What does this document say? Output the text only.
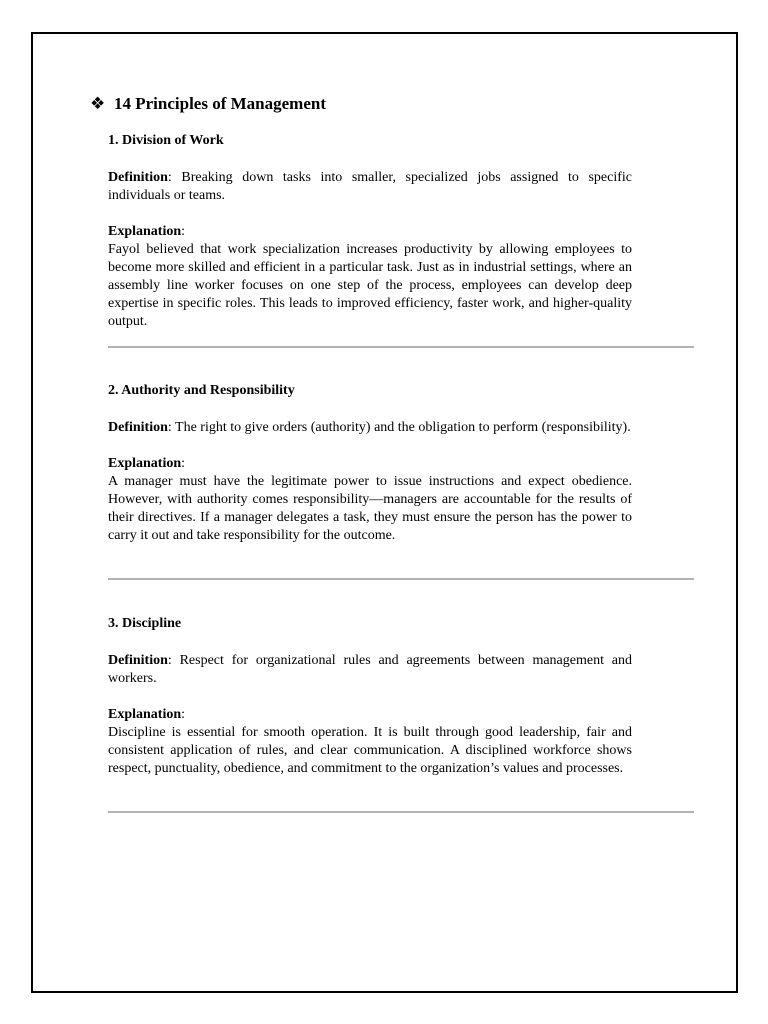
❖ 14 Principles of Management

1. Division of Work

Definition: Breaking down tasks into smaller, specialized jobs assigned to specific individuals or teams.

Explanation:

Fayol believed that work specialization increases productivity by allowing employees to become more skilled and efficient in a particular task. Just as in industrial settings, where an assembly line worker focuses on one step of the process, employees can develop deep expertise in specific roles. This leads to improved efficiency, faster work, and higher-quality output.

2. Authority and Responsibility

Definition: The right to give orders (authority) and the obligation to perform (responsibility).

Explanation:

A manager must have the legitimate power to issue instructions and expect obedience. However, with authority comes responsibility—managers are accountable for the results of their directives. If a manager delegates a task, they must ensure the person has the power to carry it out and take responsibility for the outcome.

3. Discipline

Definition: Respect for organizational rules and agreements between management and workers.

Explanation:

Discipline is essential for smooth operation. It is built through good leadership, fair and consistent application of rules, and clear communication. A disciplined workforce shows respect, punctuality, obedience, and commitment to the organization’s values and processes.
